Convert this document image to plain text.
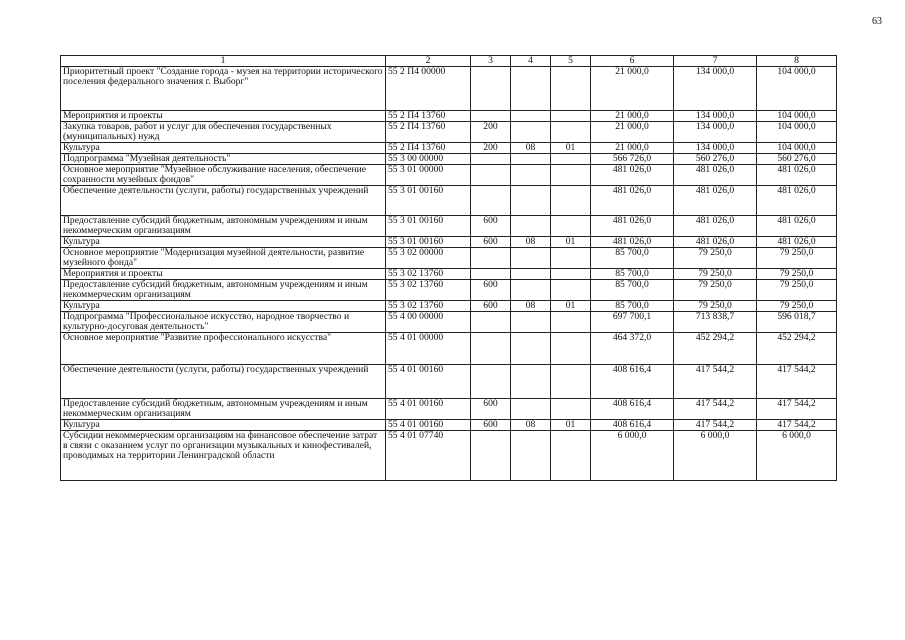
63
1	2	3	4	5	6	7	8
Приоритетный проект "Создание города - музея на территории исторического поселения федерального значения г. Выборг"	55 2 П4 00000				21 000,0	134 000,0	104 000,0
Мероприятия и проекты	55 2 П4 13760				21 000,0	134 000,0	104 000,0
Закупка товаров, работ и услуг для обеспечения государственных (муниципальных) нужд	55 2 П4 13760	200			21 000,0	134 000,0	104 000,0
Культура	55 2 П4 13760	200	08	01	21 000,0	134 000,0	104 000,0
Подпрограмма "Музейная деятельность"	55 3 00 00000				566 726,0	560 276,0	560 276,0
Основное мероприятие "Музейное обслуживание населения, обеспечение сохранности музейных фондов"	55 3 01 00000				481 026,0	481 026,0	481 026,0
Обеспечение деятельности (услуги, работы) государственных учреждений	55 3 01 00160				481 026,0	481 026,0	481 026,0
Предоставление субсидий бюджетным, автономным учреждениям и иным некоммерческим организациям	55 3 01 00160	600			481 026,0	481 026,0	481 026,0
Культура	55 3 01 00160	600	08	01	481 026,0	481 026,0	481 026,0
Основное мероприятие "Модернизация музейной деятельности, развитие музейного фонда"	55 3 02 00000				85 700,0	79 250,0	79 250,0
Мероприятия и проекты	55 3 02 13760				85 700,0	79 250,0	79 250,0
Предоставление субсидий бюджетным, автономным учреждениям и иным некоммерческим организациям	55 3 02 13760	600			85 700,0	79 250,0	79 250,0
Культура	55 3 02 13760	600	08	01	85 700,0	79 250,0	79 250,0
Подпрограмма "Профессиональное искусство, народное творчество и культурно-досуговая деятельность"	55 4 00 00000				697 700,1	713 838,7	596 018,7
Основное мероприятие "Развитие профессионального искусства"	55 4 01 00000				464 372,0	452 294,2	452 294,2
Обеспечение деятельности (услуги, работы) государственных учреждений	55 4 01 00160				408 616,4	417 544,2	417 544,2
Предоставление субсидий бюджетным, автономным учреждениям и иным некоммерческим организациям	55 4 01 00160	600			408 616,4	417 544,2	417 544,2
Культура	55 4 01 00160	600	08	01	408 616,4	417 544,2	417 544,2
Субсидии некоммерческим организациям на финансовое обеспечение затрат в связи с оказанием услуг по организации музыкальных и кинофестивалей, проводимых на территории Ленинградской области	55 4 01 07740				6 000,0	6 000,0	6 000,0
